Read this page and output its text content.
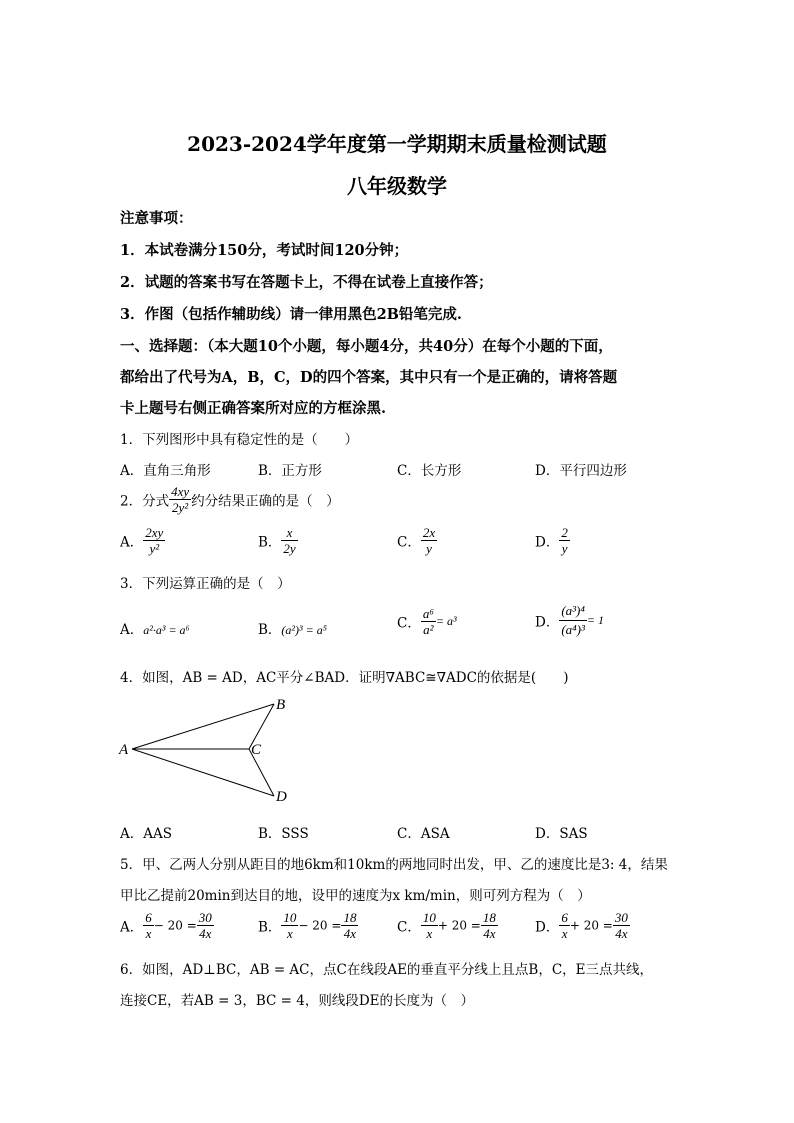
2023-2024学年度第一学期期末质量检测试题
八年级数学
注意事项：
1．本试卷满分150分，考试时间120分钟；
2．试题的答案书写在答题卡上，不得在试卷上直接作答；
3．作图（包括作辅助线）请一律用黑色2B铅笔完成.
一、选择题：（本大题10个小题，每小题4分，共40分）在每个小题的下面，
都给出了代号为A，B，C，D的四个答案，其中只有一个是正确的，请将答题
卡上题号右侧正确答案所对应的方框涂黑.
1．下列图形中具有稳定性的是（　　）
A．直角三角形	B．正方形	C．长方形	D．平行四边形
2．分式 $\frac{4xy}{\text{2y²}}$ 约分结果正确的是（　）
A． $\frac{2xy}{\text{y²}}$	B． $\frac{x}{2y}$	C． $\frac{2x}{y}$	D． $\frac{2}{y}$
3．下列运算正确的是（　）
A．a²·a³ = a⁶	B．(a²)³ = a⁵	C． $\frac{\text{a⁶}}{\text{a²}} = a^3$	D． $\frac{\text{(a³)⁴}}{\text{(a⁴)³}} = 1$
4．如图，AB = AD，AC平分∠BAD．证明∇ABC≅∇ADC的依据是(　　)
A
B
C
D
A．AAS	B．SSS	C．ASA	D．SAS
5．甲、乙两人分别从距目的地6km和10km的两地同时出发，甲、乙的速度比是3: 4，结果
甲比乙提前20min到达目的地，设甲的速度为x km/min，则可列方程为（　）
A． $\frac{6}{x} - 20 = \frac{30}{4x}$	B． $\frac{10}{x} - 20 = \frac{18}{4x}$	C． $\frac{10}{x} + 20 = \frac{18}{4x}$	D． $\frac{6}{x} + 20 = \frac{30}{4x}$
6．如图，AD⊥BC，AB = AC，点C在线段AE的垂直平分线上且点B，C，E三点共线，
连接CE，若AB = 3，BC = 4，则线段DE的长度为（　）
